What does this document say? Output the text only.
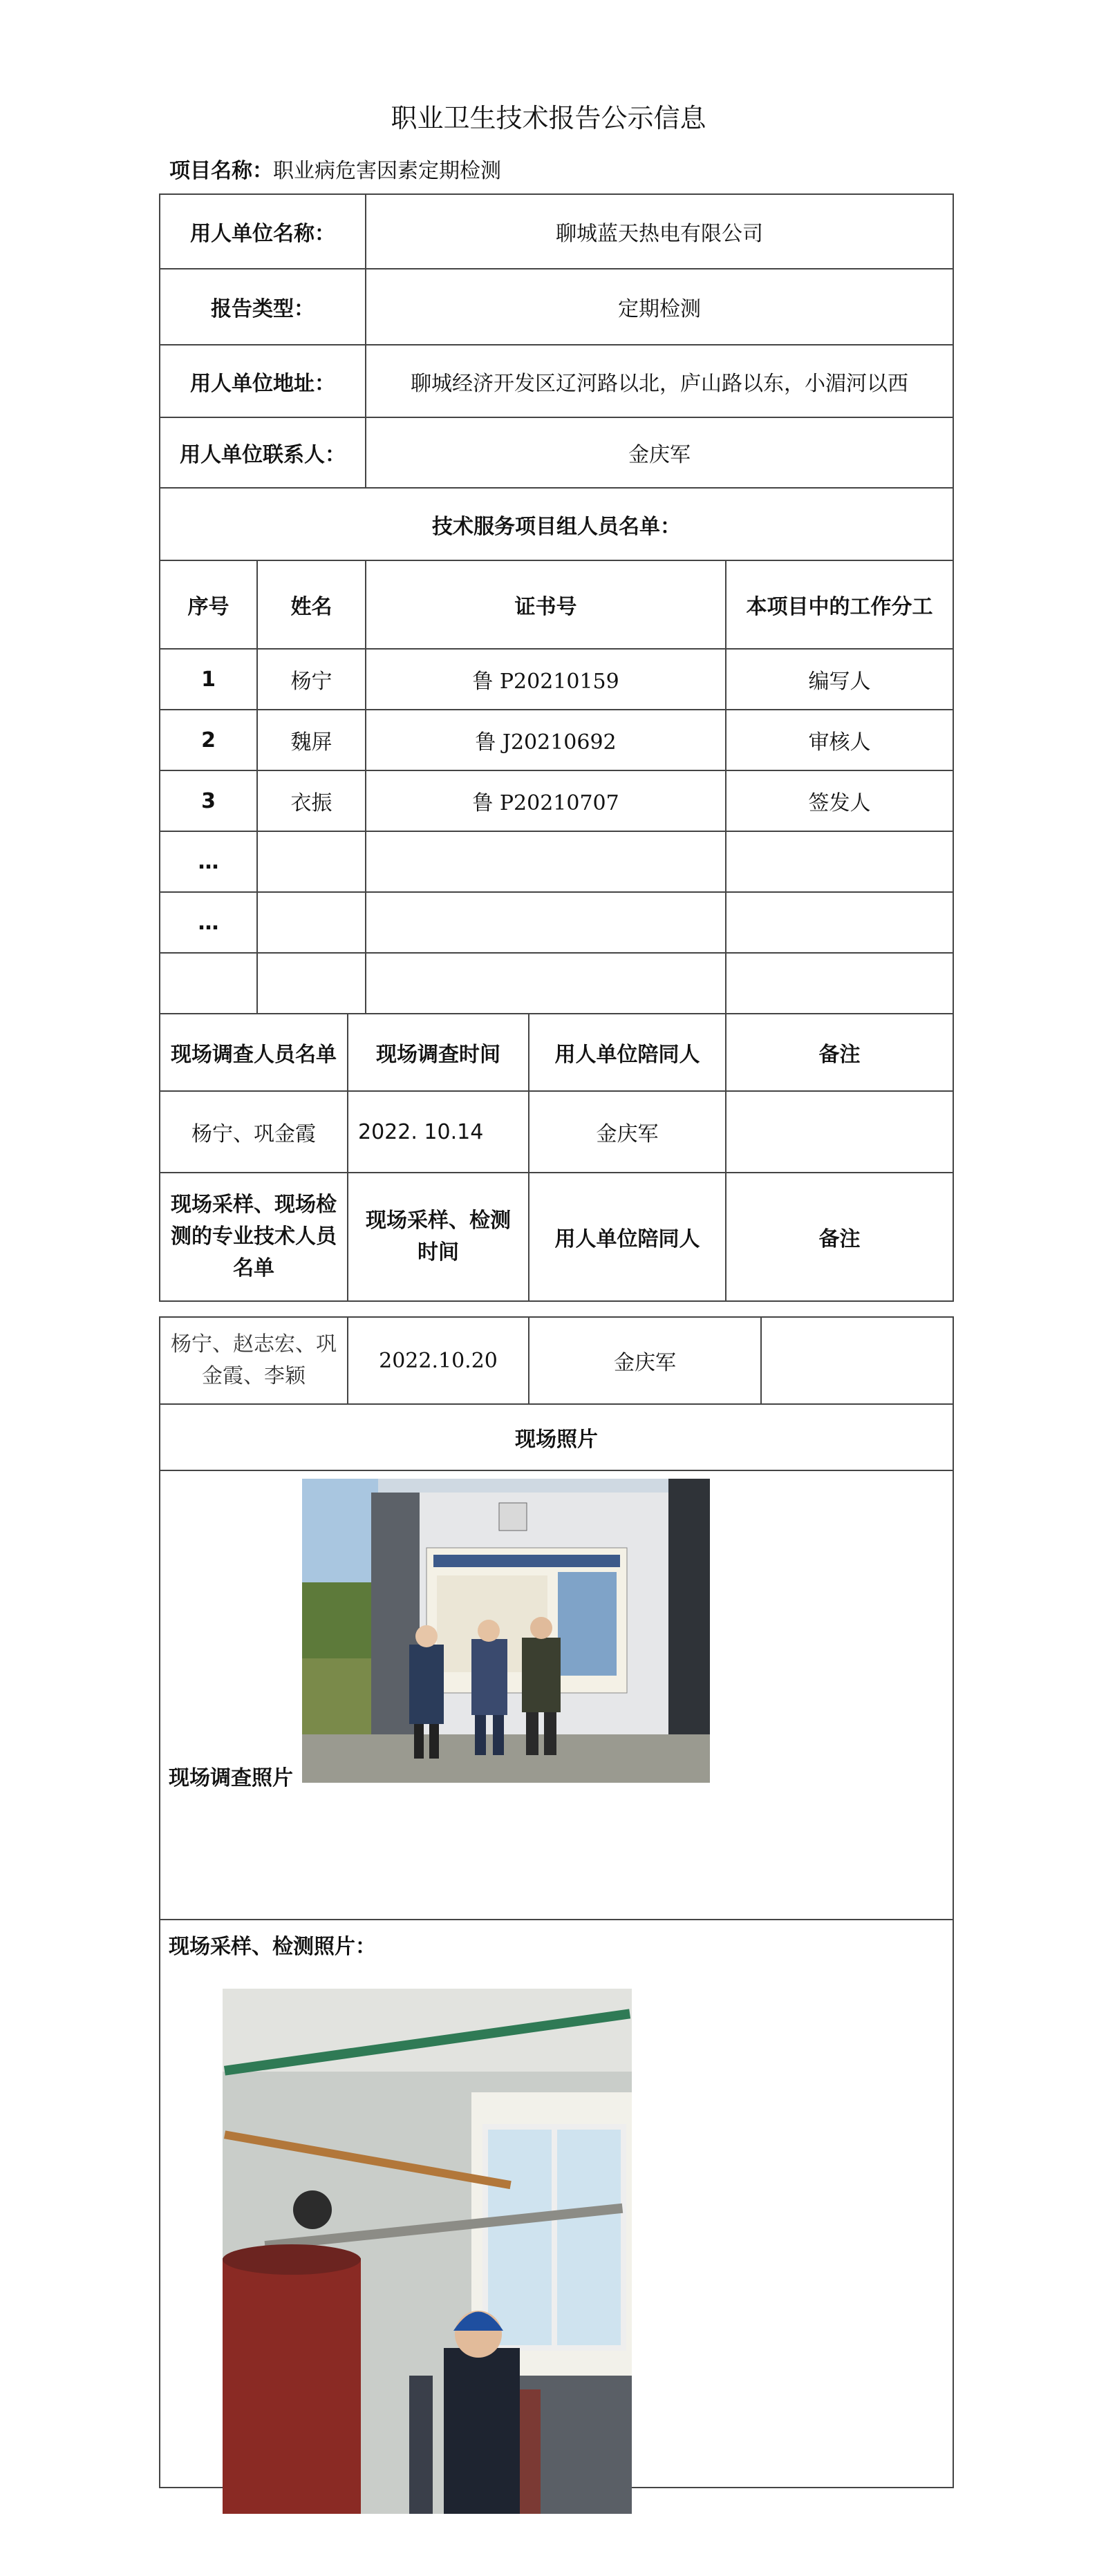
职业卫生技术报告公示信息
项目名称：职业病危害因素定期检测
用人单位名称：			聊城蓝天热电有限公司		
报告类型：			定期检测		
用人单位地址：			聊城经济开发区辽河路以北，庐山路以东，小湄河以西		
用人单位联系人：			金庆军		
技术服务项目组人员名单：					
序号	姓名		证书号		本项目中的工作分工
1	杨宁		鲁 P20210159		编写人
2	魏屏		鲁 J20210692		审核人
3	衣振		鲁 P20210707		签发人
…					
…					

现场调查人员名单		现场调查时间		用人单位陪同人	备注
杨宁、巩金霞		2022. 10.14		金庆军	
现场采样、现场检测的专业技术人员名单		现场采样、检测时间		用人单位陪同人	备注
杨宁、赵志宏、巩金霞、李颖	2022.10.20	金庆军	
现场照片

现场调查照片
现场采样、检测照片：
